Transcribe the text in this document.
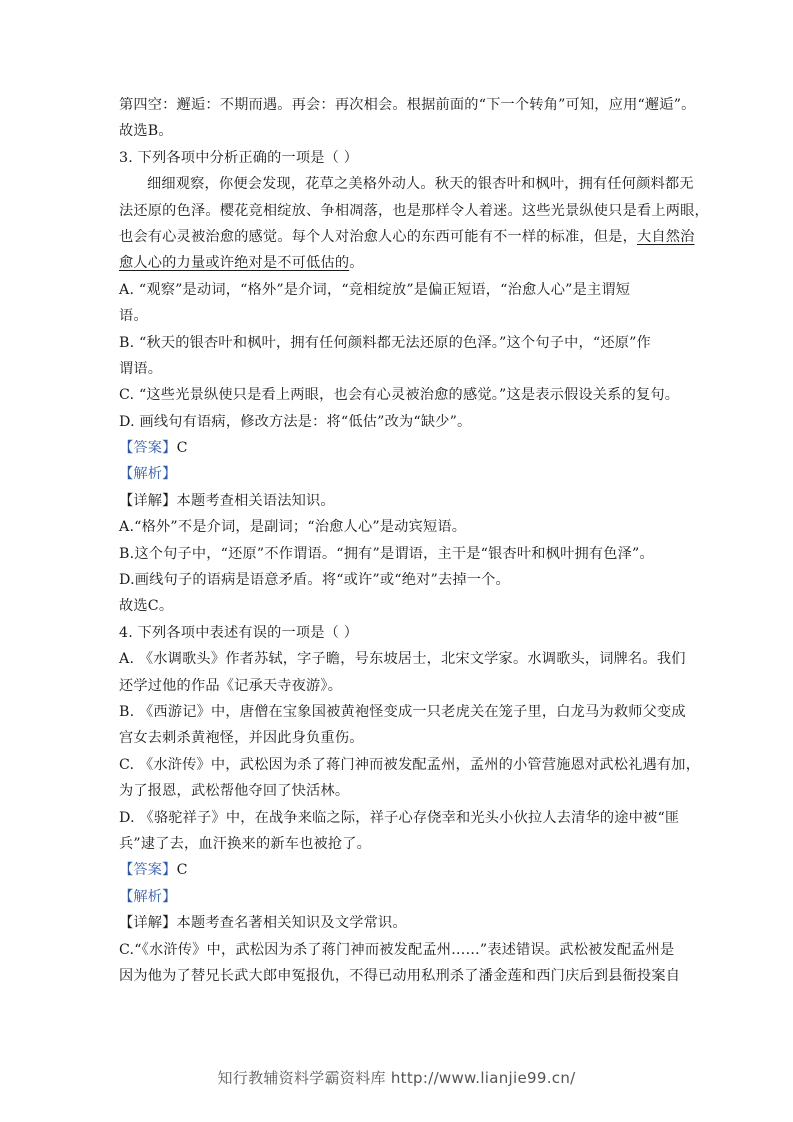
第四空：邂逅：不期而遇。再会：再次相会。根据前面的“下一个转角”可知，应用“邂逅”。
故选B。
3. 下列各项中分析正确的一项是（ ）
细细观察，你便会发现，花草之美格外动人。秋天的银杏叶和枫叶，拥有任何颜料都无
法还原的色泽。樱花竞相绽放、争相凋落，也是那样令人着迷。这些光景纵使只是看上两眼，
也会有心灵被治愈的感觉。每个人对治愈人心的东西可能有不一样的标准，但是，大自然治
愈人心的力量或许绝对是不可低估的。
A. “观察”是动词，“格外”是介词，“竞相绽放”是偏正短语，“治愈人心”是主谓短
语。
B. “秋天的银杏叶和枫叶，拥有任何颜料都无法还原的色泽。”这个句子中，“还原”作
谓语。
C. “这些光景纵使只是看上两眼，也会有心灵被治愈的感觉。”这是表示假设关系的复句。
D. 画线句有语病，修改方法是：将“低估”改为“缺少”。
【答案】C
【解析】
【详解】本题考查相关语法知识。
A.“格外”不是介词，是副词；“治愈人心”是动宾短语。
B.这个句子中，“还原”不作谓语。“拥有”是谓语，主干是“银杏叶和枫叶拥有色泽”。
D.画线句子的语病是语意矛盾。将“或许”或“绝对”去掉一个。
故选C。
4. 下列各项中表述有误的一项是（ ）
A. 《水调歌头》作者苏轼，字子瞻，号东坡居士，北宋文学家。水调歌头，词牌名。我们
还学过他的作品《记承天寺夜游》。
B. 《西游记》中，唐僧在宝象国被黄袍怪变成一只老虎关在笼子里，白龙马为救师父变成
宫女去刺杀黄袍怪，并因此身负重伤。
C. 《水浒传》中，武松因为杀了蒋门神而被发配孟州，孟州的小管营施恩对武松礼遇有加，
为了报恩，武松帮他夺回了快活林。
D. 《骆驼祥子》中，在战争来临之际，祥子心存侥幸和光头小伙拉人去清华的途中被“匪
兵”逮了去，血汗换来的新车也被抢了。
【答案】C
【解析】
【详解】本题考查名著相关知识及文学常识。
C.“《水浒传》中，武松因为杀了蒋门神而被发配孟州……”表述错误。武松被发配孟州是
因为他为了替兄长武大郎申冤报仇，不得已动用私刑杀了潘金莲和西门庆后到县衙投案自
知行教辅资料学霸资料库 http://www.lianjie99.cn/
